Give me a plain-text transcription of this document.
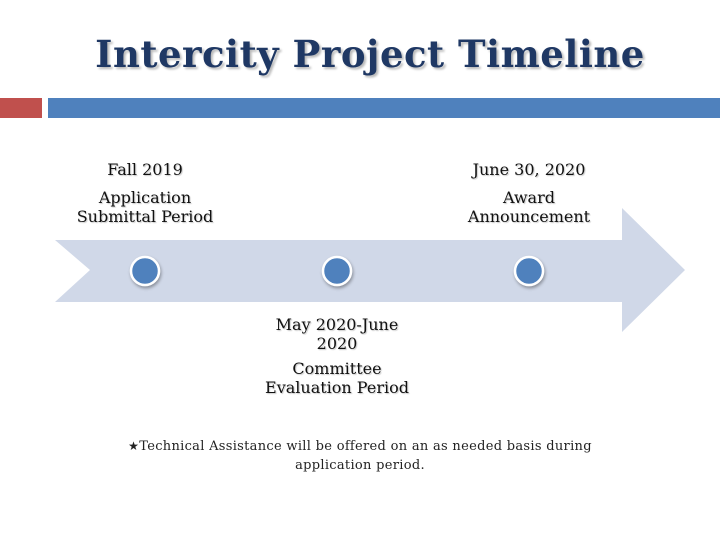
Intercity Project Timeline
Fall 2019
Application
Submittal Period
June 30, 2020
Award
Announcement
May 2020-June
2020
Committee
Evaluation Period
★Technical Assistance will be offered on an as needed basis during application period.
